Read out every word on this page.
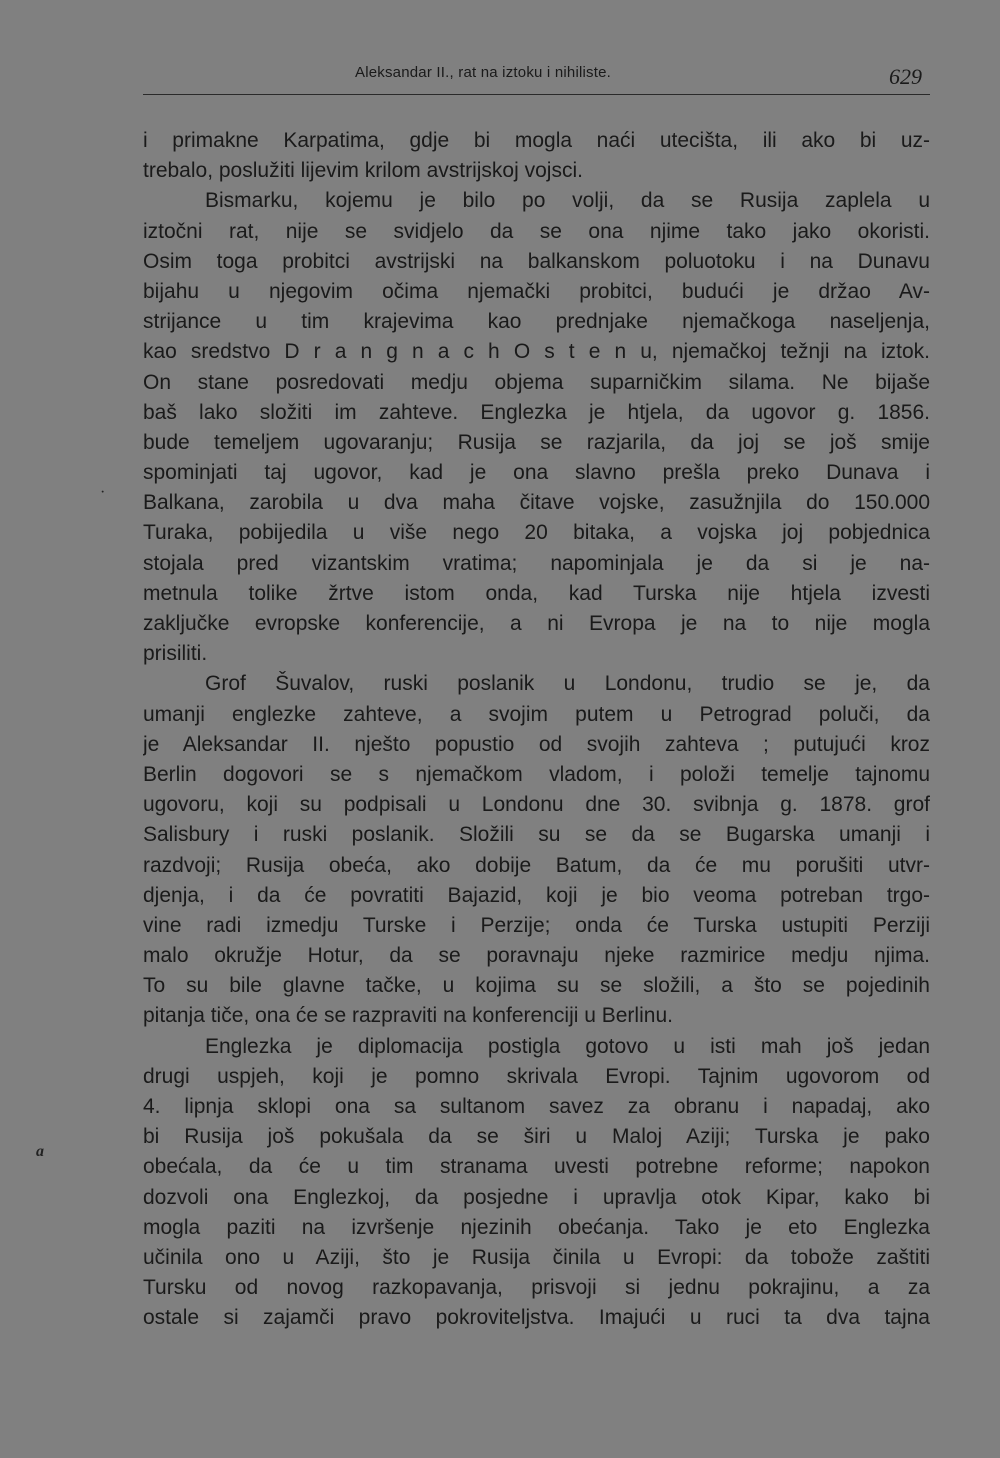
Aleksandar II., rat na iztoku i nihiliste.	629
i primakne Karpatima, gdje bi mogla naći utecišta, ili ako bi uz-
trebalo, poslužiti lijevim krilom avstrijskoj vojsci.
Bismarku, kojemu je bilo po volji, da se Rusija zaplela u
iztočni rat, nije se svidjelo da se ona njime tako jako okoristi.
Osim toga probitci avstrijski na balkanskom poluotoku i na Dunavu
bijahu u njegovim očima njemački probitci, budući je držao Av-
strijance u tim krajevima kao prednjake njemačkoga naseljenja,
kao sredstvo D r a n g n a c h O s t e n u, njemačkoj težnji na iztok.
On stane posredovati medju objema suparničkim silama. Ne bijaše
baš lako složiti im zahteve. Englezka je htjela, da ugovor g. 1856.
bude temeljem ugovaranju; Rusija se razjarila, da joj se još smije
spominjati taj ugovor, kad je ona slavno prešla preko Dunava i
Balkana, zarobila u dva maha čitave vojske, zasužnjila do 150.000
Turaka, pobijedila u više nego 20 bitaka, a vojska joj pobjednica
stojala pred vizantskim vratima; napominjala je da si je na-
metnula tolike žrtve istom onda, kad Turska nije htjela izvesti
zaključke evropske konferencije, a ni Evropa je na to nije mogla
prisiliti.
Grof Šuvalov, ruski poslanik u Londonu, trudio se je, da
umanji englezke zahteve, a svojim putem u Petrograd poluči, da
je Aleksandar II. nješto popustio od svojih zahteva ; putujući kroz
Berlin dogovori se s njemačkom vladom, i položi temelje tajnomu
ugovoru, koji su podpisali u Londonu dne 30. svibnja g. 1878. grof
Salisbury i ruski poslanik. Složili su se da se Bugarska umanji i
razdvoji; Rusija obeća, ako dobije Batum, da će mu porušiti utvr-
djenja, i da će povratiti Bajazid, koji je bio veoma potreban trgo-
vine radi izmedju Turske i Perzije; onda će Turska ustupiti Perziji
malo okružje Hotur, da se poravnaju njeke razmirice medju njima.
To su bile glavne tačke, u kojima su se složili, a što se pojedinih
pitanja tiče, ona će se razpraviti na konferenciji u Berlinu.
Englezka je diplomacija postigla gotovo u isti mah još jedan
drugi uspjeh, koji je pomno skrivala Evropi. Tajnim ugovorom od
4. lipnja sklopi ona sa sultanom savez za obranu i napadaj, ako
bi Rusija još pokušala da se širi u Maloj Aziji; Turska je pako
obećala, da će u tim stranama uvesti potrebne reforme; napokon
dozvoli ona Englezkoj, da posjedne i upravlja otok Kipar, kako bi
mogla paziti na izvršenje njezinih obećanja. Tako je eto Englezka
učinila ono u Aziji, što je Rusija činila u Evropi: da tobože zaštiti
Tursku od novog razkopavanja, prisvoji si jednu pokrajinu, a za
ostale si zajamči pravo pokroviteljstva. Imajući u ruci ta dva tajna
·
ɑ
